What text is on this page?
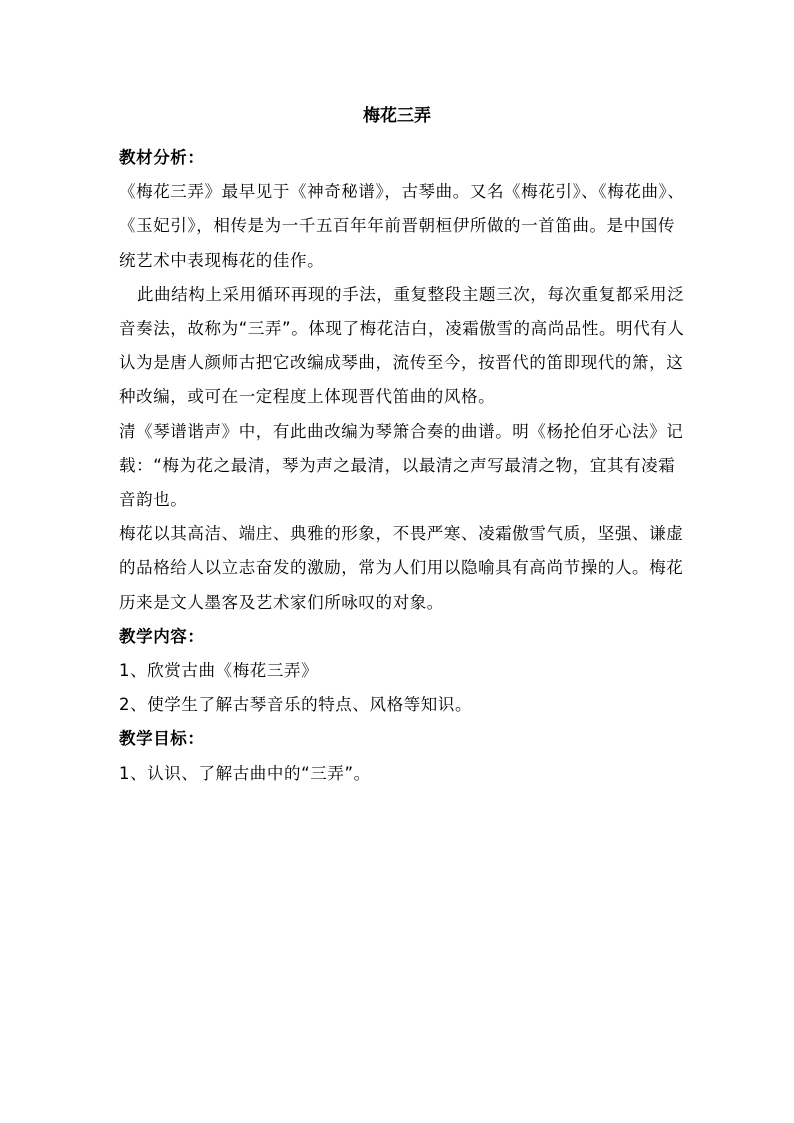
梅花三弄

教材分析：

《梅花三弄》最早见于《神奇秘谱》，古琴曲。又名《梅花引》、《梅花曲》、《玉妃引》，相传是为一千五百年年前晋朝桓伊所做的一首笛曲。是中国传统艺术中表现梅花的佳作。

此曲结构上采用循环再现的手法，重复整段主题三次，每次重复都采用泛音奏法，故称为“三弄”。体现了梅花洁白，凌霜傲雪的高尚品性。明代有人认为是唐人颜师古把它改编成琴曲，流传至今，按晋代的笛即现代的箫，这种改编，或可在一定程度上体现晋代笛曲的风格。

清《琴谱谐声》中，有此曲改编为琴箫合奏的曲谱。明《杨抡伯牙心法》记载：“梅为花之最清，琴为声之最清，以最清之声写最清之物，宜其有凌霜音韵也。

梅花以其高洁、端庄、典雅的形象，不畏严寒、凌霜傲雪气质，坚强、谦虚的品格给人以立志奋发的激励，常为人们用以隐喻具有高尚节操的人。梅花历来是文人墨客及艺术家们所咏叹的对象。

教学内容：

1、欣赏古曲《梅花三弄》

2、使学生了解古琴音乐的特点、风格等知识。

教学目标：

1、认识、了解古曲中的“三弄”。
